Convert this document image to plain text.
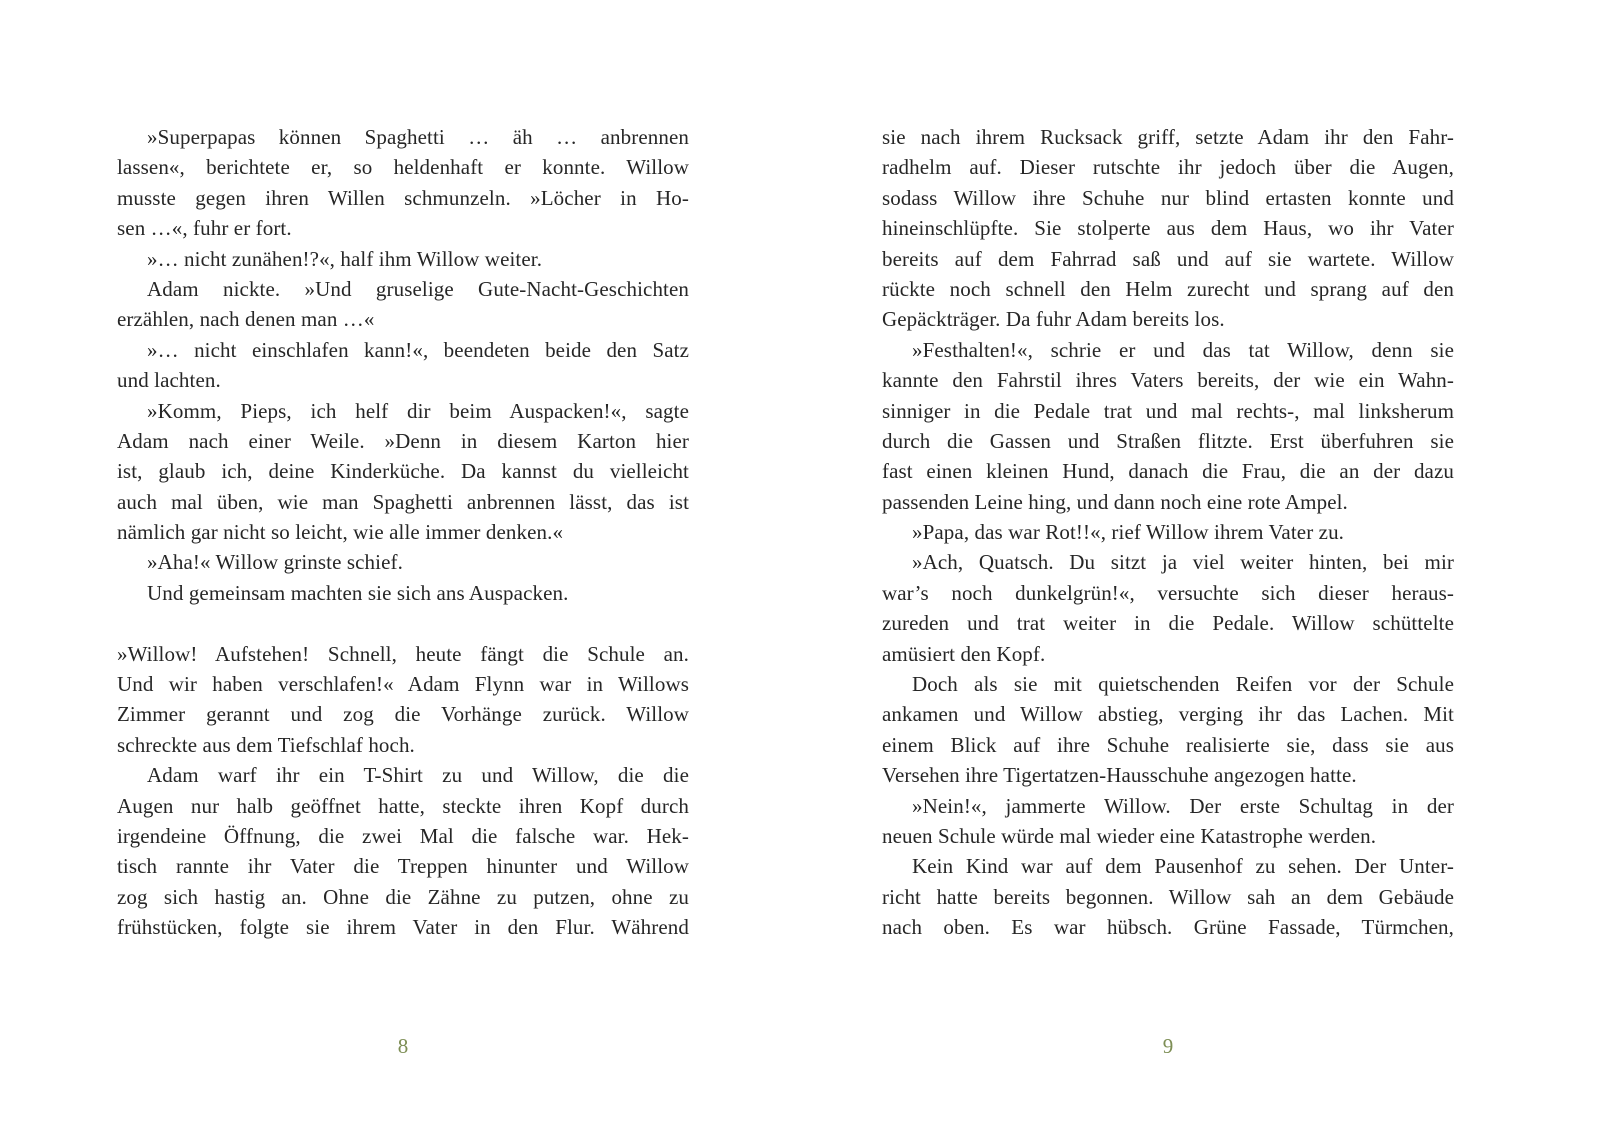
»Superpapas können Spaghetti … äh … anbrennen
lassen«, berichtete er, so heldenhaft er konnte. Willow
musste gegen ihren Willen schmunzeln. »Löcher in Ho-
sen …«, fuhr er fort.
»… nicht zunähen!?«, half ihm Willow weiter.
Adam nickte. »Und gruselige Gute-Nacht-Geschichten
erzählen, nach denen man …«
»… nicht einschlafen kann!«, beendeten beide den Satz
und lachten.
»Komm, Pieps, ich helf dir beim Auspacken!«, sagte
Adam nach einer Weile. »Denn in diesem Karton hier
ist, glaub ich, deine Kinderküche. Da kannst du vielleicht
auch mal üben, wie man Spaghetti anbrennen lässt, das ist
nämlich gar nicht so leicht, wie alle immer denken.«
»Aha!« Willow grinste schief.
Und gemeinsam machten sie sich ans Auspacken.
»Willow! Aufstehen! Schnell, heute fängt die Schule an.
Und wir haben verschlafen!« Adam Flynn war in Willows
Zimmer gerannt und zog die Vorhänge zurück. Willow
schreckte aus dem Tiefschlaf hoch.
Adam warf ihr ein T-Shirt zu und Willow, die die
Augen nur halb geöffnet hatte, steckte ihren Kopf durch
irgendeine Öffnung, die zwei Mal die falsche war. Hek-
tisch rannte ihr Vater die Treppen hinunter und Willow
zog sich hastig an. Ohne die Zähne zu putzen, ohne zu
frühstücken, folgte sie ihrem Vater in den Flur. Während
8
sie nach ihrem Rucksack griff, setzte Adam ihr den Fahr-
radhelm auf. Dieser rutschte ihr jedoch über die Augen,
sodass Willow ihre Schuhe nur blind ertasten konnte und
hineinschlüpfte. Sie stolperte aus dem Haus, wo ihr Vater
bereits auf dem Fahrrad saß und auf sie wartete. Willow
rückte noch schnell den Helm zurecht und sprang auf den
Gepäckträger. Da fuhr Adam bereits los.
»Festhalten!«, schrie er und das tat Willow, denn sie
kannte den Fahrstil ihres Vaters bereits, der wie ein Wahn-
sinniger in die Pedale trat und mal rechts-, mal linksherum
durch die Gassen und Straßen flitzte. Erst überfuhren sie
fast einen kleinen Hund, danach die Frau, die an der dazu
passenden Leine hing, und dann noch eine rote Ampel.
»Papa, das war Rot!!«, rief Willow ihrem Vater zu.
»Ach, Quatsch. Du sitzt ja viel weiter hinten, bei mir
war’s noch dunkelgrün!«, versuchte sich dieser heraus-
zureden und trat weiter in die Pedale. Willow schüttelte
amüsiert den Kopf.
Doch als sie mit quietschenden Reifen vor der Schule
ankamen und Willow abstieg, verging ihr das Lachen. Mit
einem Blick auf ihre Schuhe realisierte sie, dass sie aus
Versehen ihre Tigertatzen-Hausschuhe angezogen hatte.
»Nein!«, jammerte Willow. Der erste Schultag in der
neuen Schule würde mal wieder eine Katastrophe werden.
Kein Kind war auf dem Pausenhof zu sehen. Der Unter-
richt hatte bereits begonnen. Willow sah an dem Gebäude
nach oben. Es war hübsch. Grüne Fassade, Türmchen,
9
